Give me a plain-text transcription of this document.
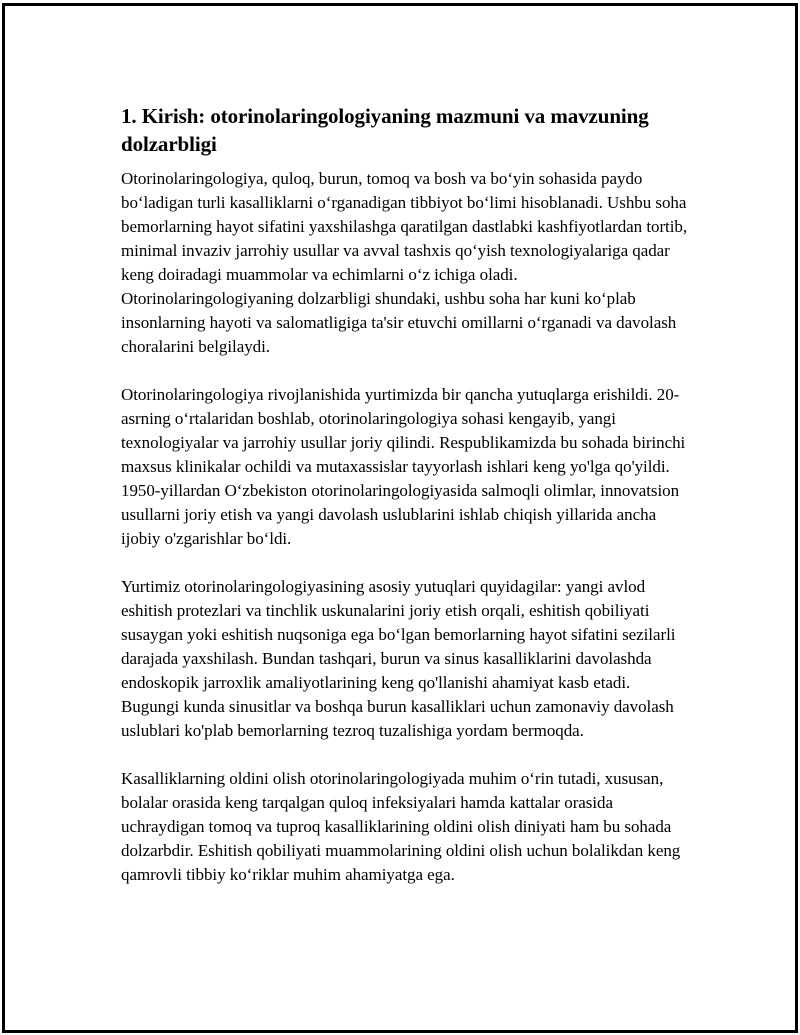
1. Kirish: otorinolaringologiyaning mazmuni va mavzuning dolzarbligi

Otorinolaringologiya, quloq, burun, tomoq va bosh va bo‘yin sohasida paydo bo‘ladigan turli kasalliklarni o‘rganadigan tibbiyot bo‘limi hisoblanadi. Ushbu soha bemorlarning hayot sifatini yaxshilashga qaratilgan dastlabki kashfiyotlardan tortib, minimal invaziv jarrohiy usullar va avval tashxis qo‘yish texnologiyalariga qadar keng doiradagi muammolar va echimlarni o‘z ichiga oladi. Otorinolaringologiyaning dolzarbligi shundaki, ushbu soha har kuni ko‘plab insonlarning hayoti va salomatligiga ta'sir etuvchi omillarni o‘rganadi va davolash choralarini belgilaydi.

Otorinolaringologiya rivojlanishida yurtimizda bir qancha yutuqlarga erishildi. 20-asrning o‘rtalaridan boshlab, otorinolaringologiya sohasi kengayib, yangi texnologiyalar va jarrohiy usullar joriy qilindi. Respublikamizda bu sohada birinchi maxsus klinikalar ochildi va mutaxassislar tayyorlash ishlari keng yo'lga qo'yildi. 1950-yillardan O‘zbekiston otorinolaringologiyasida salmoqli olimlar, innovatsion usullarni joriy etish va yangi davolash uslublarini ishlab chiqish yillarida ancha ijobiy o'zgarishlar bo‘ldi.

Yurtimiz otorinolaringologiyasining asosiy yutuqlari quyidagilar: yangi avlod eshitish protezlari va tinchlik uskunalarini joriy etish orqali, eshitish qobiliyati susaygan yoki eshitish nuqsoniga ega bo‘lgan bemorlarning hayot sifatini sezilarli darajada yaxshilash. Bundan tashqari, burun va sinus kasalliklarini davolashda endoskopik jarroxlik amaliyotlarining keng qo'llanishi ahamiyat kasb etadi. Bugungi kunda sinusitlar va boshqa burun kasalliklari uchun zamonaviy davolash uslublari ko'plab bemorlarning tezroq tuzalishiga yordam bermoqda.

Kasalliklarning oldini olish otorinolaringologiyada muhim o‘rin tutadi, xususan, bolalar orasida keng tarqalgan quloq infeksiyalari hamda kattalar orasida uchraydigan tomoq va tuproq kasalliklarining oldini olish diniyati ham bu sohada dolzarbdir. Eshitish qobiliyati muammolarining oldini olish uchun bolalikdan keng qamrovli tibbiy ko‘riklar muhim ahamiyatga ega.
